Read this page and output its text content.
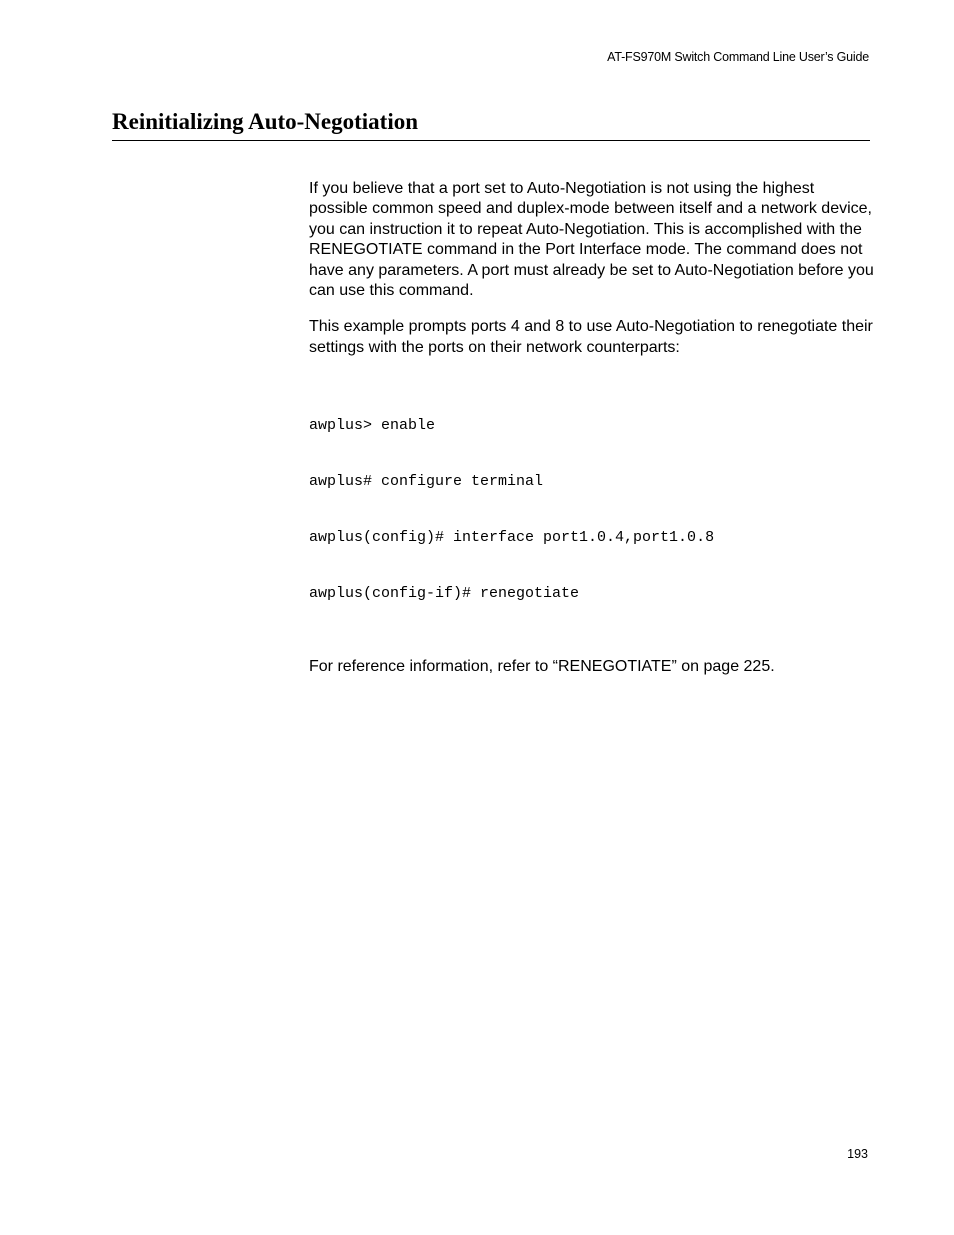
AT-FS970M Switch Command Line User’s Guide
Reinitializing Auto-Negotiation

If you believe that a port set to Auto-Negotiation is not using the highest possible common speed and duplex-mode between itself and a network device, you can instruction it to repeat Auto-Negotiation. This is accomplished with the RENEGOTIATE command in the Port Interface mode. The command does not have any parameters. A port must already be set to Auto-Negotiation before you can use this command.

This example prompts ports 4 and 8 to use Auto-Negotiation to renegotiate their settings with the ports on their network counterparts:

awplus> enable

awplus# configure terminal

awplus(config)# interface port1.0.4,port1.0.8

awplus(config-if)# renegotiate

For reference information, refer to “RENEGOTIATE” on page 225.

193
